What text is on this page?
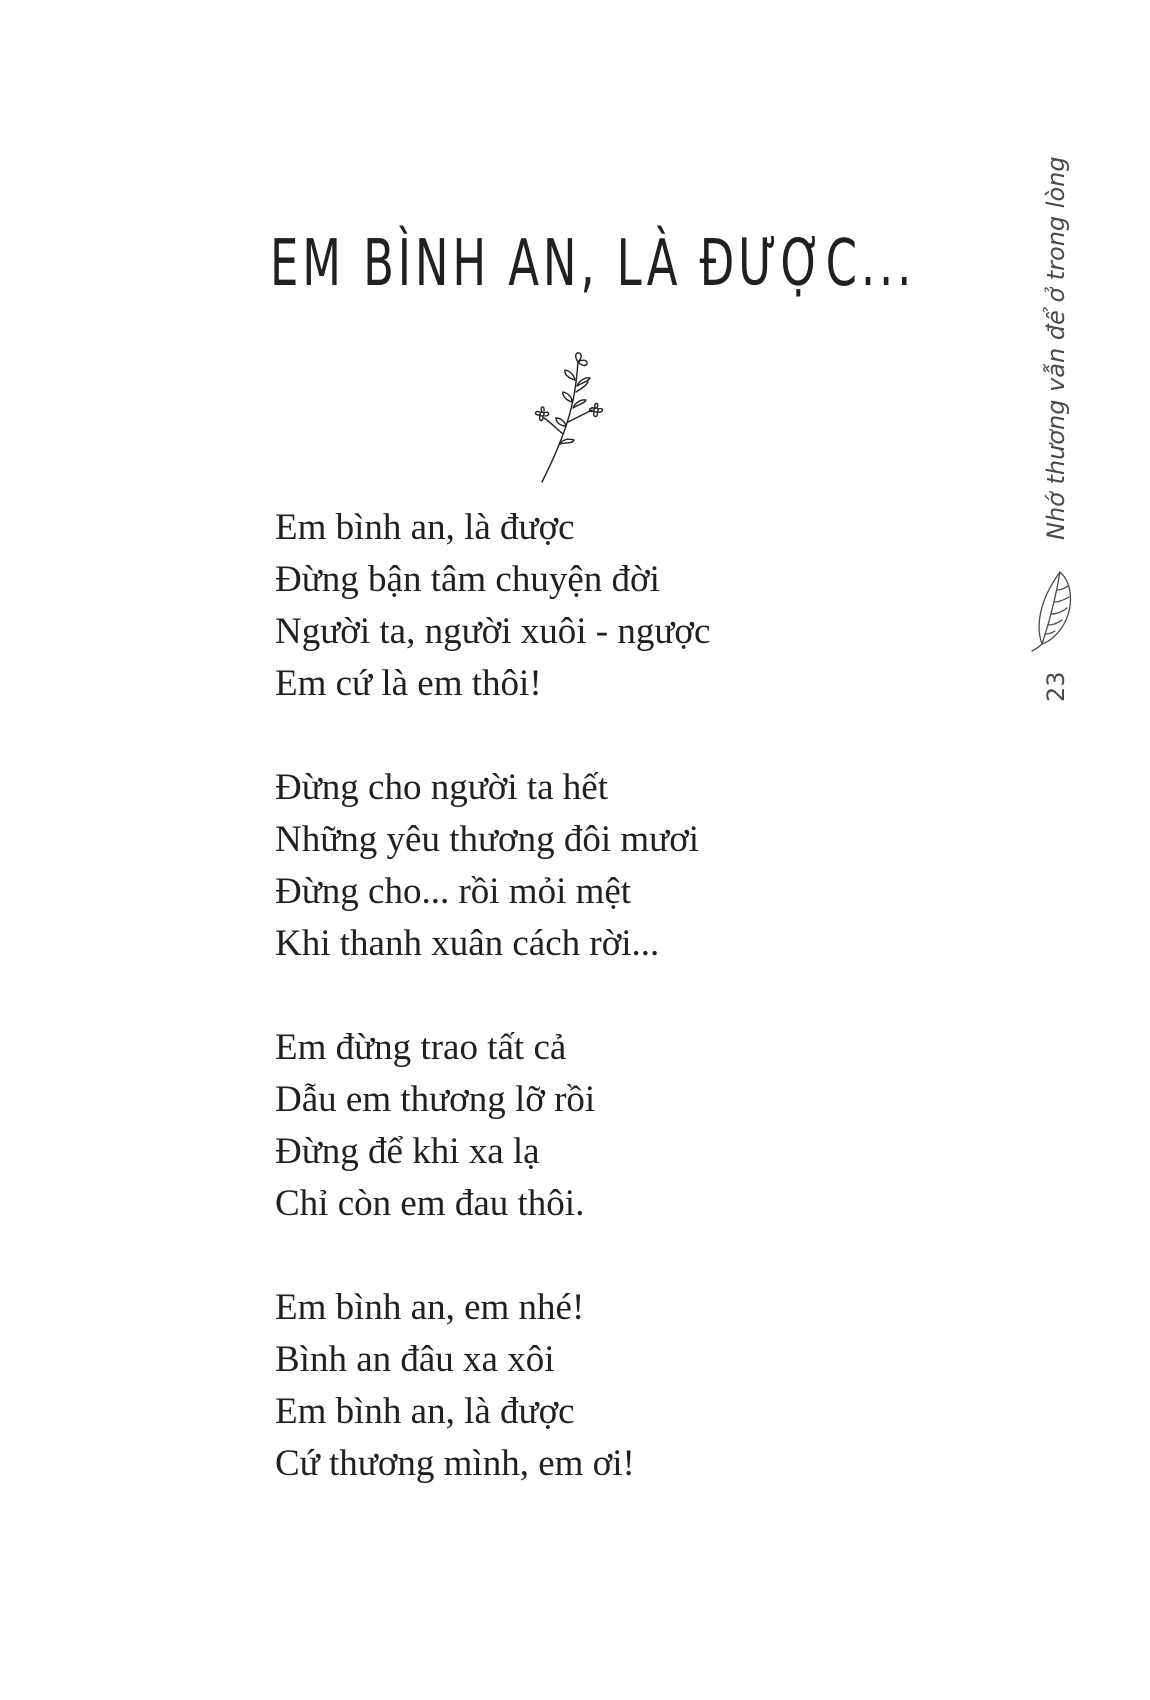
EM BÌNH AN, LÀ ĐƯỢC...
Em bình an, là được
Đừng bận tâm chuyện đời
Người ta, người xuôi - ngược
Em cứ là em thôi!
Đừng cho người ta hết
Những yêu thương đôi mươi
Đừng cho... rồi mỏi mệt
Khi thanh xuân cách rời...
Em đừng trao tất cả
Dẫu em thương lỡ rồi
Đừng để khi xa lạ
Chỉ còn em đau thôi.
Em bình an, em nhé!
Bình an đâu xa xôi
Em bình an, là được
Cứ thương mình, em ơi!
Nhớ thương vẫn để ở trong lòng
23
